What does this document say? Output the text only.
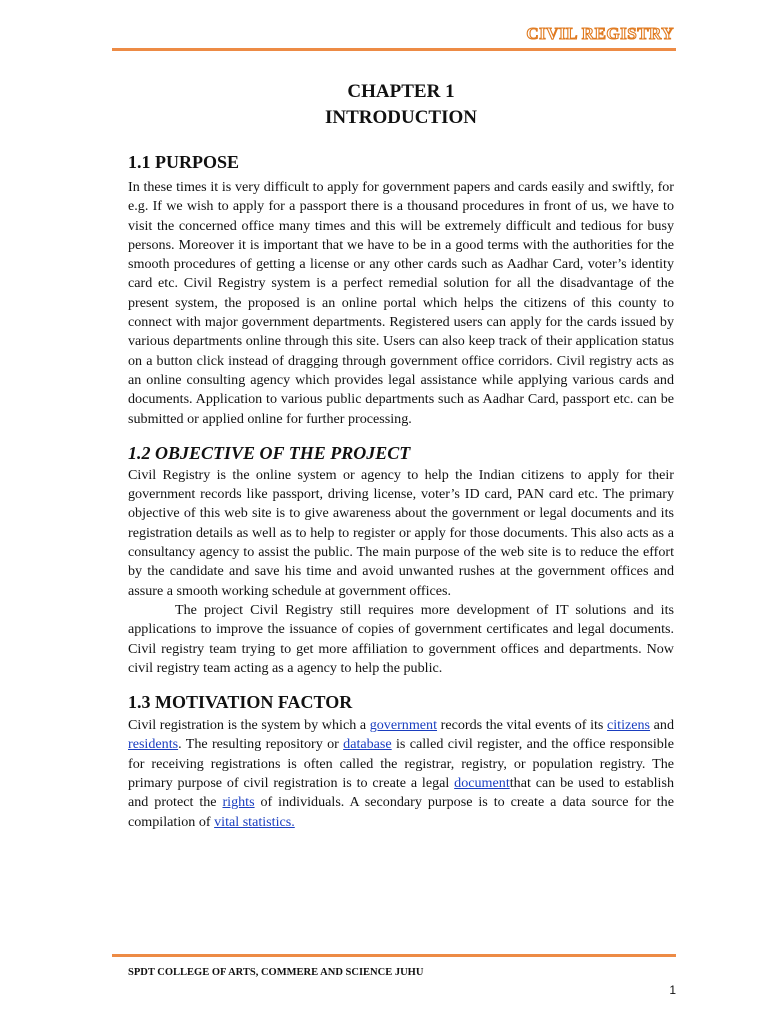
CIVIL REGISTRY
CHAPTER 1
INTRODUCTION
1.1 PURPOSE

In these times it is very difficult to apply for government papers and cards easily and swiftly, for e.g. If we wish to apply for a passport there is a thousand procedures in front of us, we have to visit the concerned office many times and this will be extremely difficult and tedious for busy persons. Moreover it is important that we have to be in a good terms with the authorities for the smooth procedures of getting a license or any other cards such as Aadhar Card, voter’s identity card etc. Civil Registry system is a perfect remedial solution for all the disadvantage of the present system, the proposed is an online portal which helps the citizens of this county to connect with major government departments. Registered users can apply for the cards issued by various departments online through this site. Users can also keep track of their application status on a button click instead of dragging through government office corridors. Civil registry acts as an online consulting agency which provides legal assistance while applying various cards and documents. Application to various public departments such as Aadhar Card, passport etc. can be submitted or applied online for further processing.

1.2 OBJECTIVE OF THE PROJECT

Civil Registry is the online system or agency to help the Indian citizens to apply for their government records like passport, driving license, voter’s ID card, PAN card etc. The primary objective of this web site is to give awareness about the government or legal documents and its registration details as well as to help to register or apply for those documents. This also acts as a consultancy agency to assist the public. The main purpose of the web site is to reduce the effort by the candidate and save his time and avoid unwanted rushes at the government offices and assure a smooth working schedule at government offices.

The project Civil Registry still requires more development of IT solutions and its applications to improve the issuance of copies of government certificates and legal documents. Civil registry team trying to get more affiliation to government offices and departments. Now civil registry team acting as a agency to help the public.

1.3 MOTIVATION FACTOR

Civil registration is the system by which a government records the vital events of its citizens and residents. The resulting repository or database is called civil register, and the office responsible for receiving registrations is often called the registrar, registry, or population registry. The primary purpose of civil registration is to create a legal documentthat can be used to establish and protect the rights of individuals. A secondary purpose is to create a data source for the compilation of vital statistics.

SPDT COLLEGE OF ARTS, COMMERE AND SCIENCE JUHU
1
